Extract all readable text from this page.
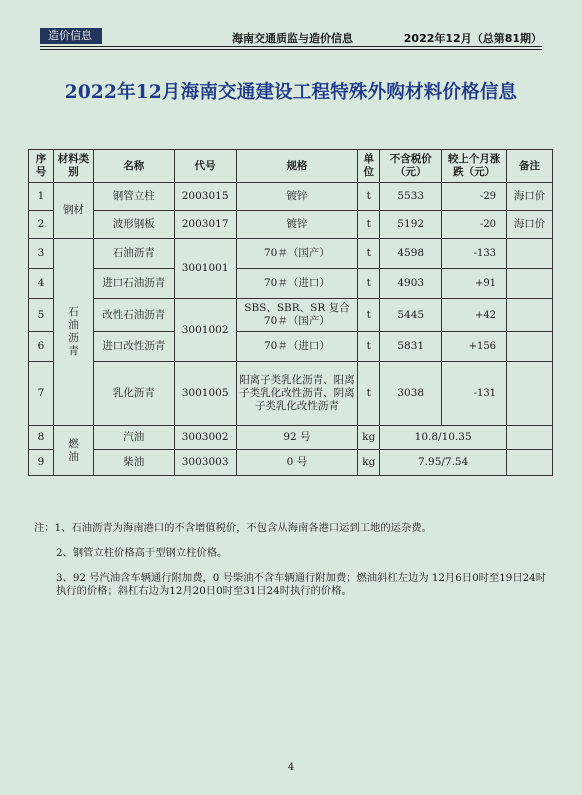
造价信息	海南交通质监与造价信息	2022年12月（总第81期）
2022年12月海南交通建设工程特殊外购材料价格信息
序号	材料类别	名称	代号	规格	单位	不含税价（元）	较上个月涨跌（元）	备注
1	钢材	钢管立柱	2003015	镀锌	t	5533	-29	海口价
2		波形钢板	2003017	镀锌	t	5192	-20	海口价
3	石油沥青	石油沥青	3001001	70＃（国产）	t	4598	-133	
4		进口石油沥青		70＃（进口）	t	4903	+91	
5		改性石油沥青	3001002	SBS、SBR、SR 复合 70＃（国产）	t	5445	+42	
6		进口改性沥青		70＃（进口）	t	5831	+156	
7		乳化沥青	3001005	阳离子类乳化沥青、阳离子类乳化改性沥青、阴离子类乳化改性沥青	t	3038	-131	
8	燃油	汽油	3003002	92 号	kg	10.8/10.35		
9		柴油	3003003	0 号	kg	7.95/7.54		
注：1、石油沥青为海南港口的不含增值税价，不包含从海南各港口运到工地的运杂费。
2、钢管立柱价格高于型钢立柱价格。
3、92 号汽油含车辆通行附加费，0 号柴油不含车辆通行附加费；燃油斜杠左边为 12月6日0时至19日24时执行的价格；斜杠右边为12月20日0时至31日24时执行的价格。
4
